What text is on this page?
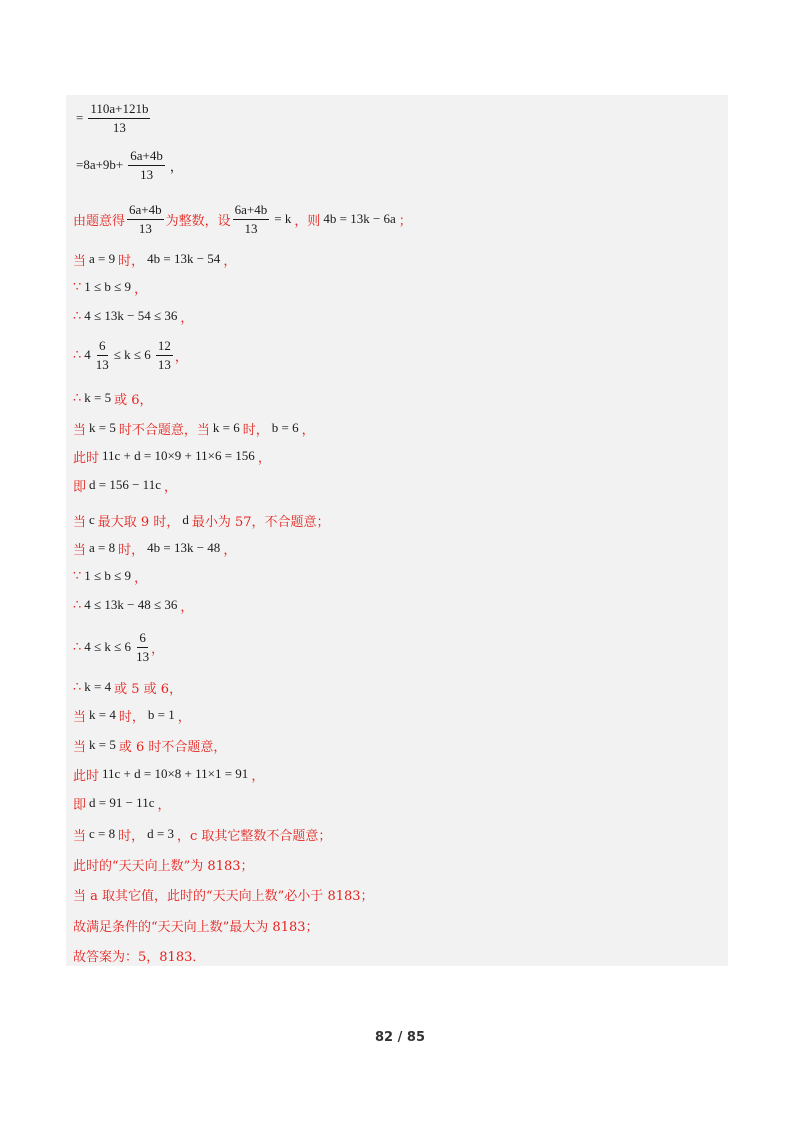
= $\frac{110a+121b}{13}$
$=8a+9b+ \frac{6a+4b}{13}$ ，
由题意得 $\frac{6a+4b}{13}$ 为整数，设 $\frac{6a+4b}{13} = k$ ，则 4b = 13k − 6a ；
当 a = 9 时， 4b = 13k − 54 ，
∵ 1 ≤ b ≤ 9 ，
∴ 4 ≤ 13k − 54 ≤ 36 ，
∴ $4 \frac{6}{13} \le k \le 6 \frac{12}{13}$ ，
∴ k = 5 或 6，
当 k = 5 时不合题意，当 k = 6 时， b = 6 ，
此时 11c + d = 10×9 + 11×6 = 156 ，
即 d = 156 − 11c ，
当 c 最大取 9 时， d 最小为 57，不合题意；
当 a = 8 时， 4b = 13k − 48 ，
∵ 1 ≤ b ≤ 9 ，
∴ 4 ≤ 13k − 48 ≤ 36 ，
∴ $4 \le k \le 6 \frac{6}{13}$ ，
∴ k = 4 或 5 或 6，
当 k = 4 时， b = 1 ，
当 k = 5 或 6 时不合题意，
此时 11c + d = 10×8 + 11×1 = 91 ，
即 d = 91 − 11c ，
当 c = 8 时， d = 3 ，c 取其它整数不合题意；
此时的“天天向上数”为 8183；
当 a 取其它值，此时的“天天向上数”必小于 8183；
故满足条件的“天天向上数”最大为 8183；
故答案为：5，8183．
82 / 85
